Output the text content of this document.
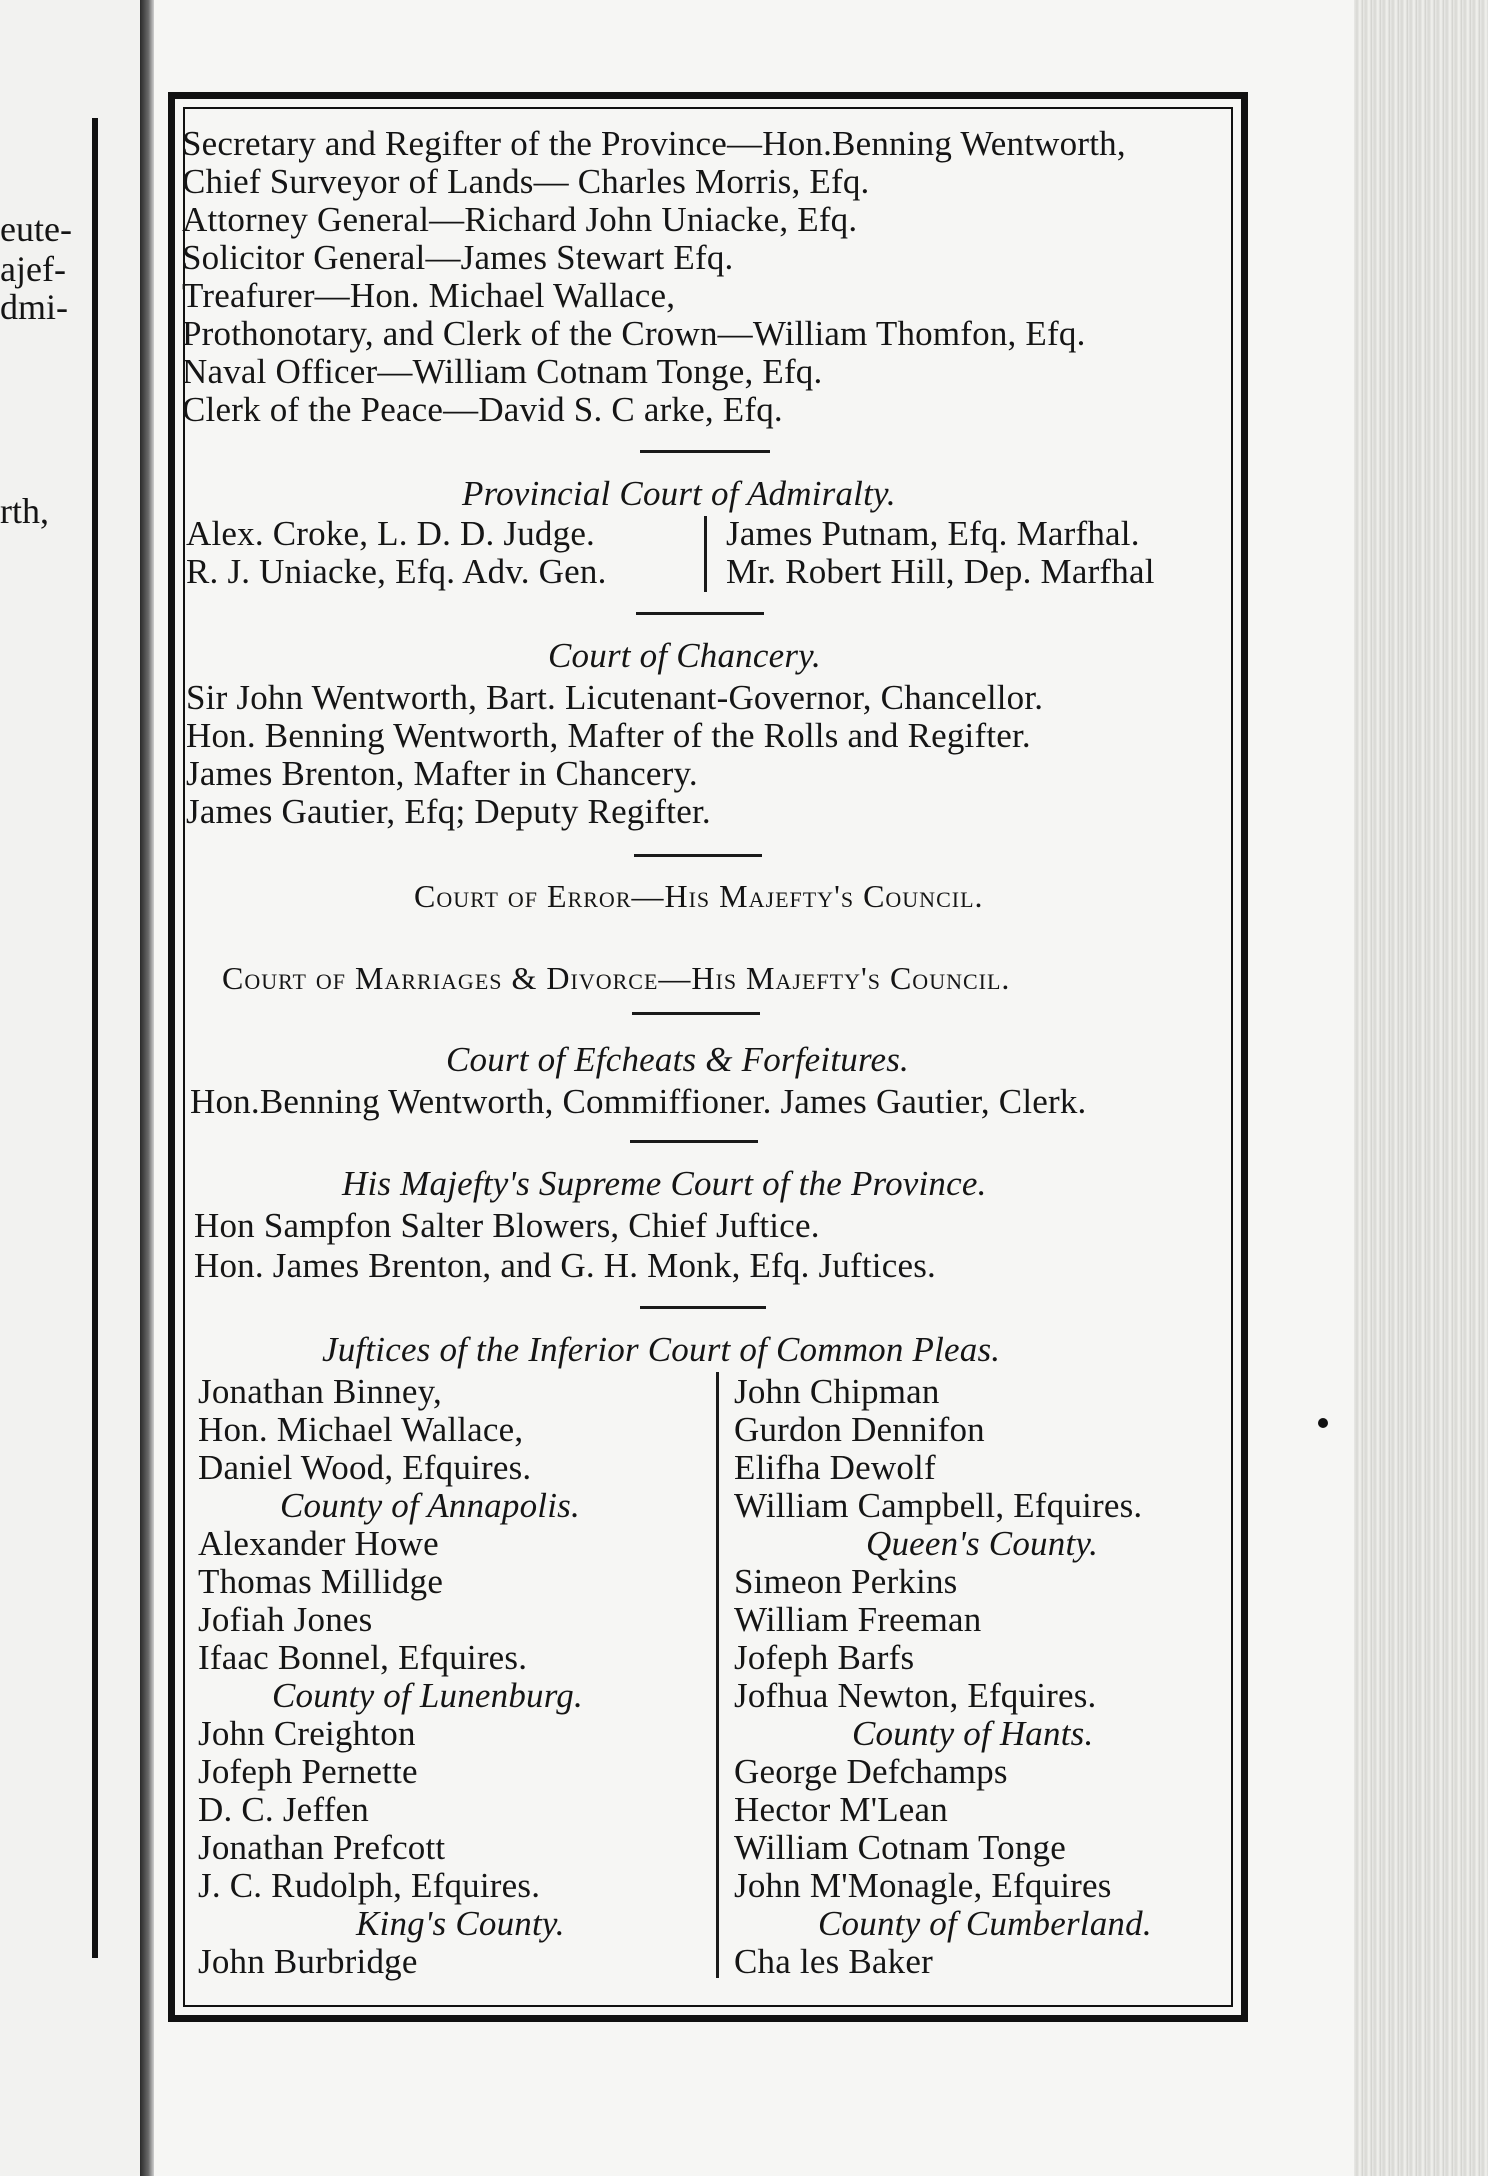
eute-
ajef-
dmi-
rth,
Secretary and Regifter of the Province—Hon.Benning Wentworth,
Chief Surveyor of Lands— Charles Morris, Efq.
Attorney General—Richard John Uniacke, Efq.
Solicitor General—James Stewart Efq.
Treafurer—Hon. Michael Wallace,
Prothonotary, and Clerk of the Crown—William Thomfon, Efq.
Naval Officer—William Cotnam Tonge, Efq.
Clerk of the Peace—David S. C arke, Efq.
Provincial Court of Admiralty.
Alex. Croke, L. D. D. Judge.
R. J. Uniacke, Efq. Adv. Gen.
James Putnam, Efq. Marfhal.
Mr. Robert Hill, Dep. Marfhal
Court of Chancery.
Sir John Wentworth, Bart. Licutenant-Governor, Chancellor.
Hon. Benning Wentworth, Mafter of the Rolls and Regifter.
James Brenton, Mafter in Chancery.
James Gautier, Efq; Deputy Regifter.
Court of Error—His Majefty's Council.
Court of Marriages & Divorce—His Majefty's Council.
Court of Efcheats & Forfeitures.
Hon.Benning Wentworth, Commiffioner. James Gautier, Clerk.
His Majefty's Supreme Court of the Province.
Hon Sampfon Salter Blowers, Chief Juftice.
Hon. James Brenton, and G. H. Monk, Efq. Juftices.
Juftices of the Inferior Court of Common Pleas.
Jonathan Binney,
Hon. Michael Wallace,
Daniel Wood, Efquires.
County of Annapolis.
Alexander Howe
Thomas Millidge
Jofiah Jones
Ifaac Bonnel, Efquires.
County of Lunenburg.
John Creighton
Jofeph Pernette
D. C. Jeffen
Jonathan Prefcott
J. C. Rudolph, Efquires.
King's County.
John Burbridge
John Chipman
Gurdon Dennifon
Elifha Dewolf
William Campbell, Efquires.
Queen's County.
Simeon Perkins
William Freeman
Jofeph Barfs
Jofhua Newton, Efquires.
County of Hants.
George Defchamps
Hector M'Lean
William Cotnam Tonge
John M'Monagle, Efquires
County of Cumberland.
Cha les Baker
